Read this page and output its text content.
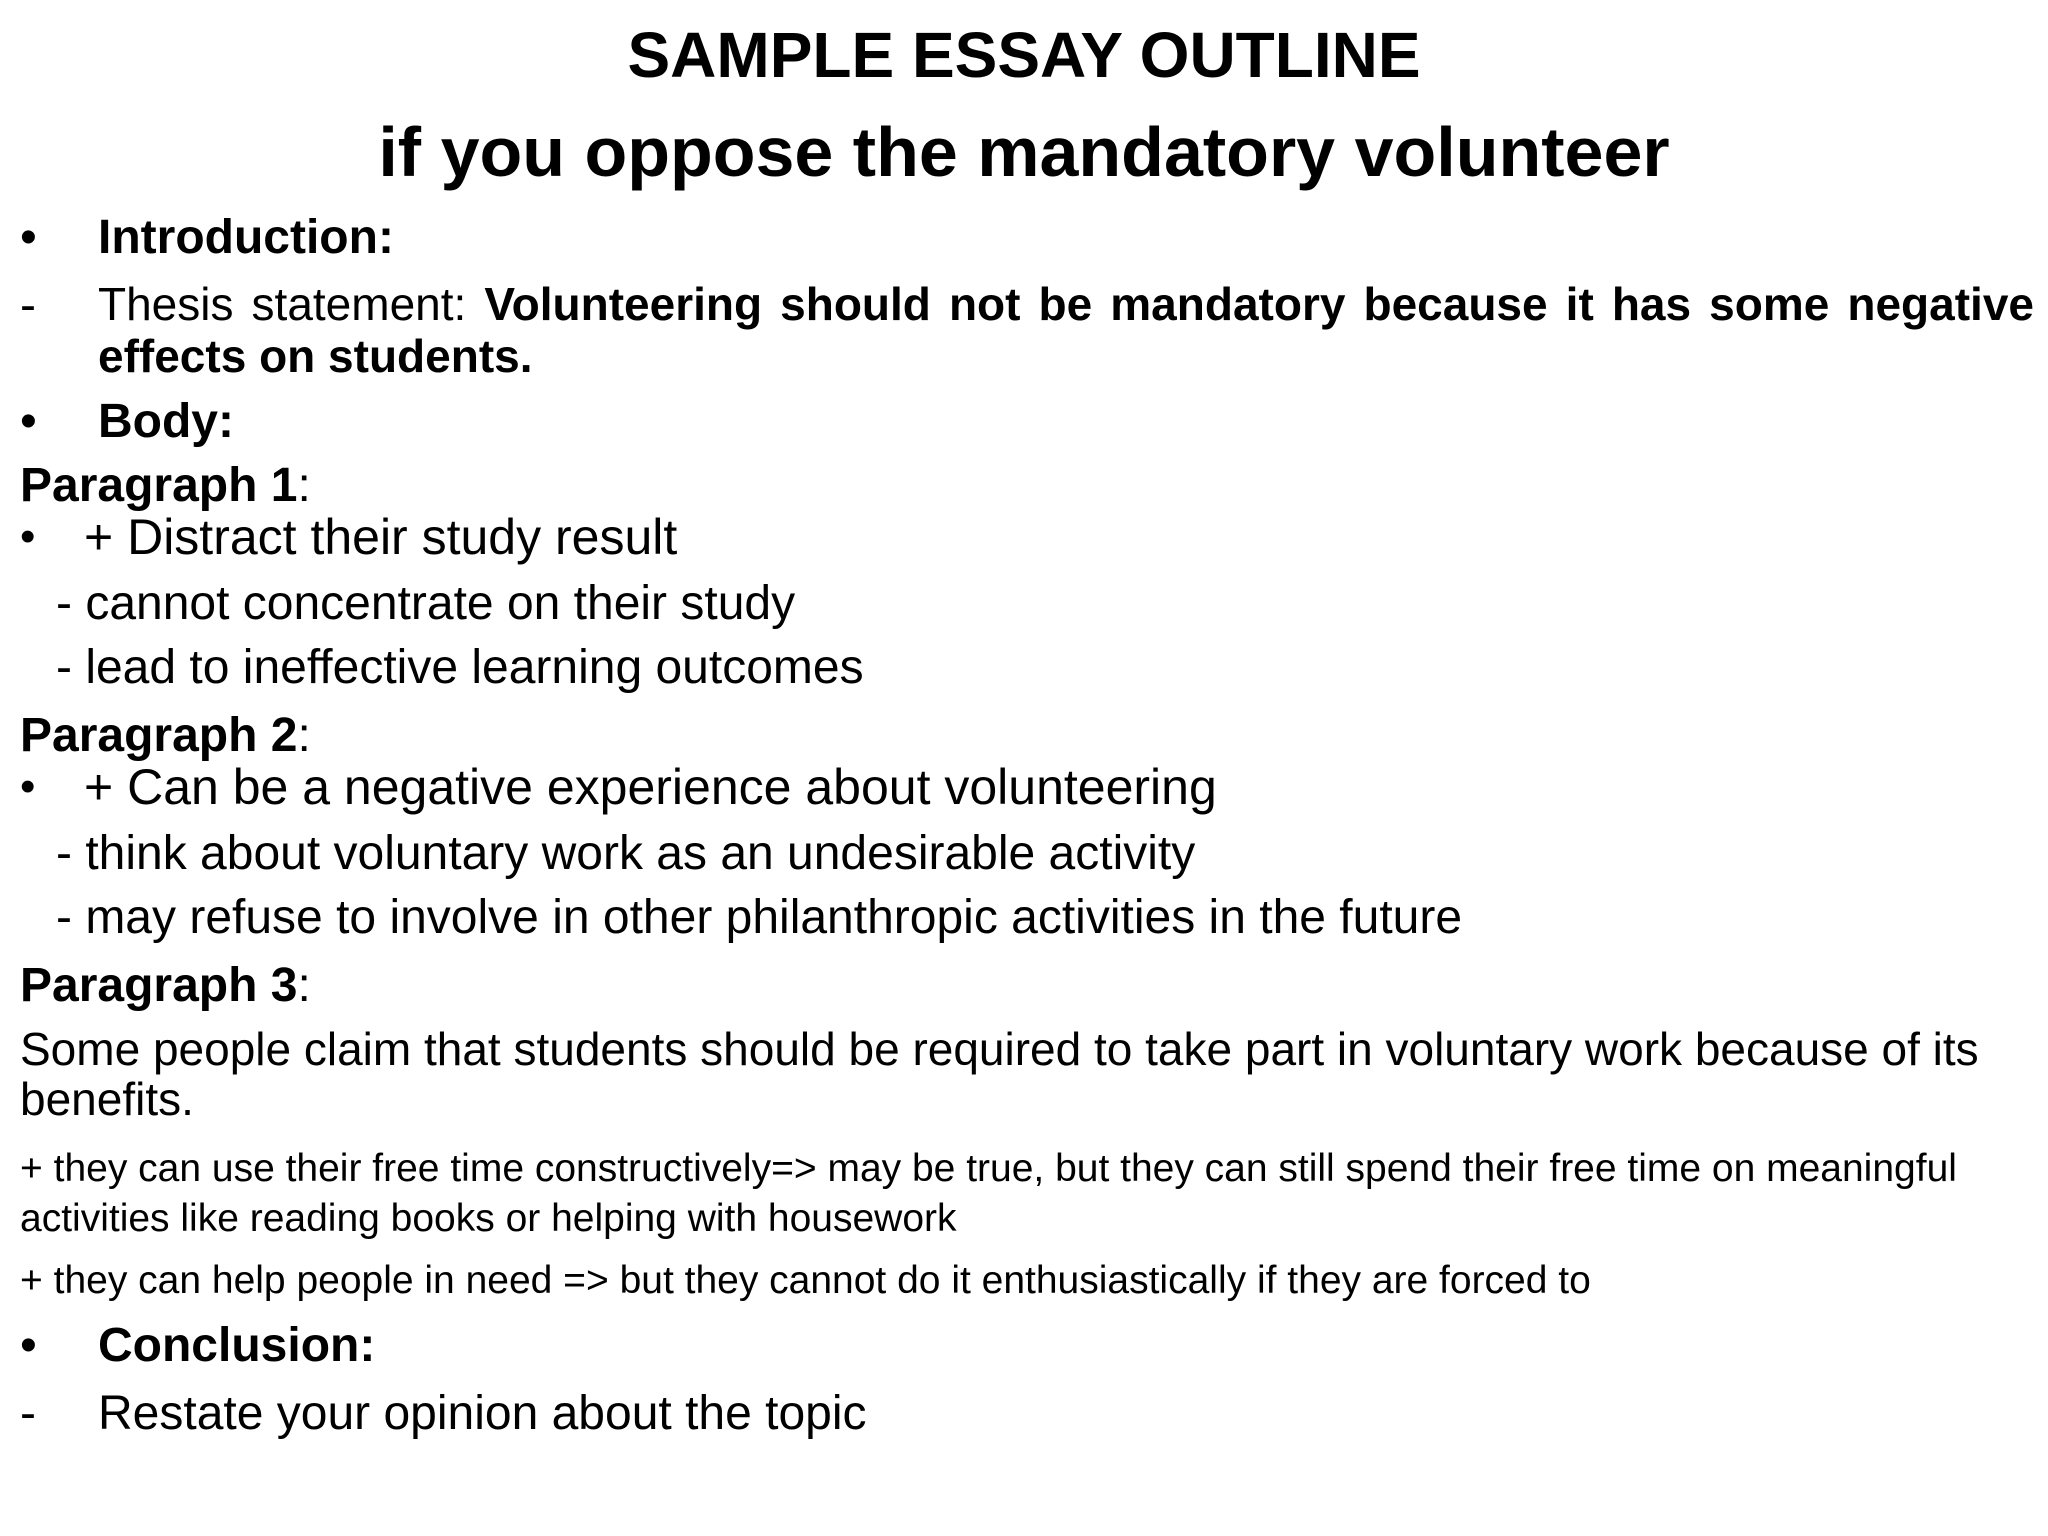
SAMPLE ESSAY OUTLINE
if you oppose the mandatory volunteer
• Introduction:
- Thesis statement: Volunteering should not be mandatory because it has some negative effects on students.
• Body:
Paragraph 1:
• + Distract their study result
- cannot concentrate on their study
- lead to ineffective learning outcomes
Paragraph 2:
• + Can be a negative experience about volunteering
- think about voluntary work as an undesirable activity
- may refuse to involve in other philanthropic activities in the future
Paragraph 3:
Some people claim that students should be required to take part in voluntary work because of its benefits.
+ they can use their free time constructively=> may be true, but they can still spend their free time on meaningful activities like reading books or helping with housework
+ they can help people in need => but they cannot do it enthusiastically if they are forced to
• Conclusion:
- Restate your opinion about the topic
